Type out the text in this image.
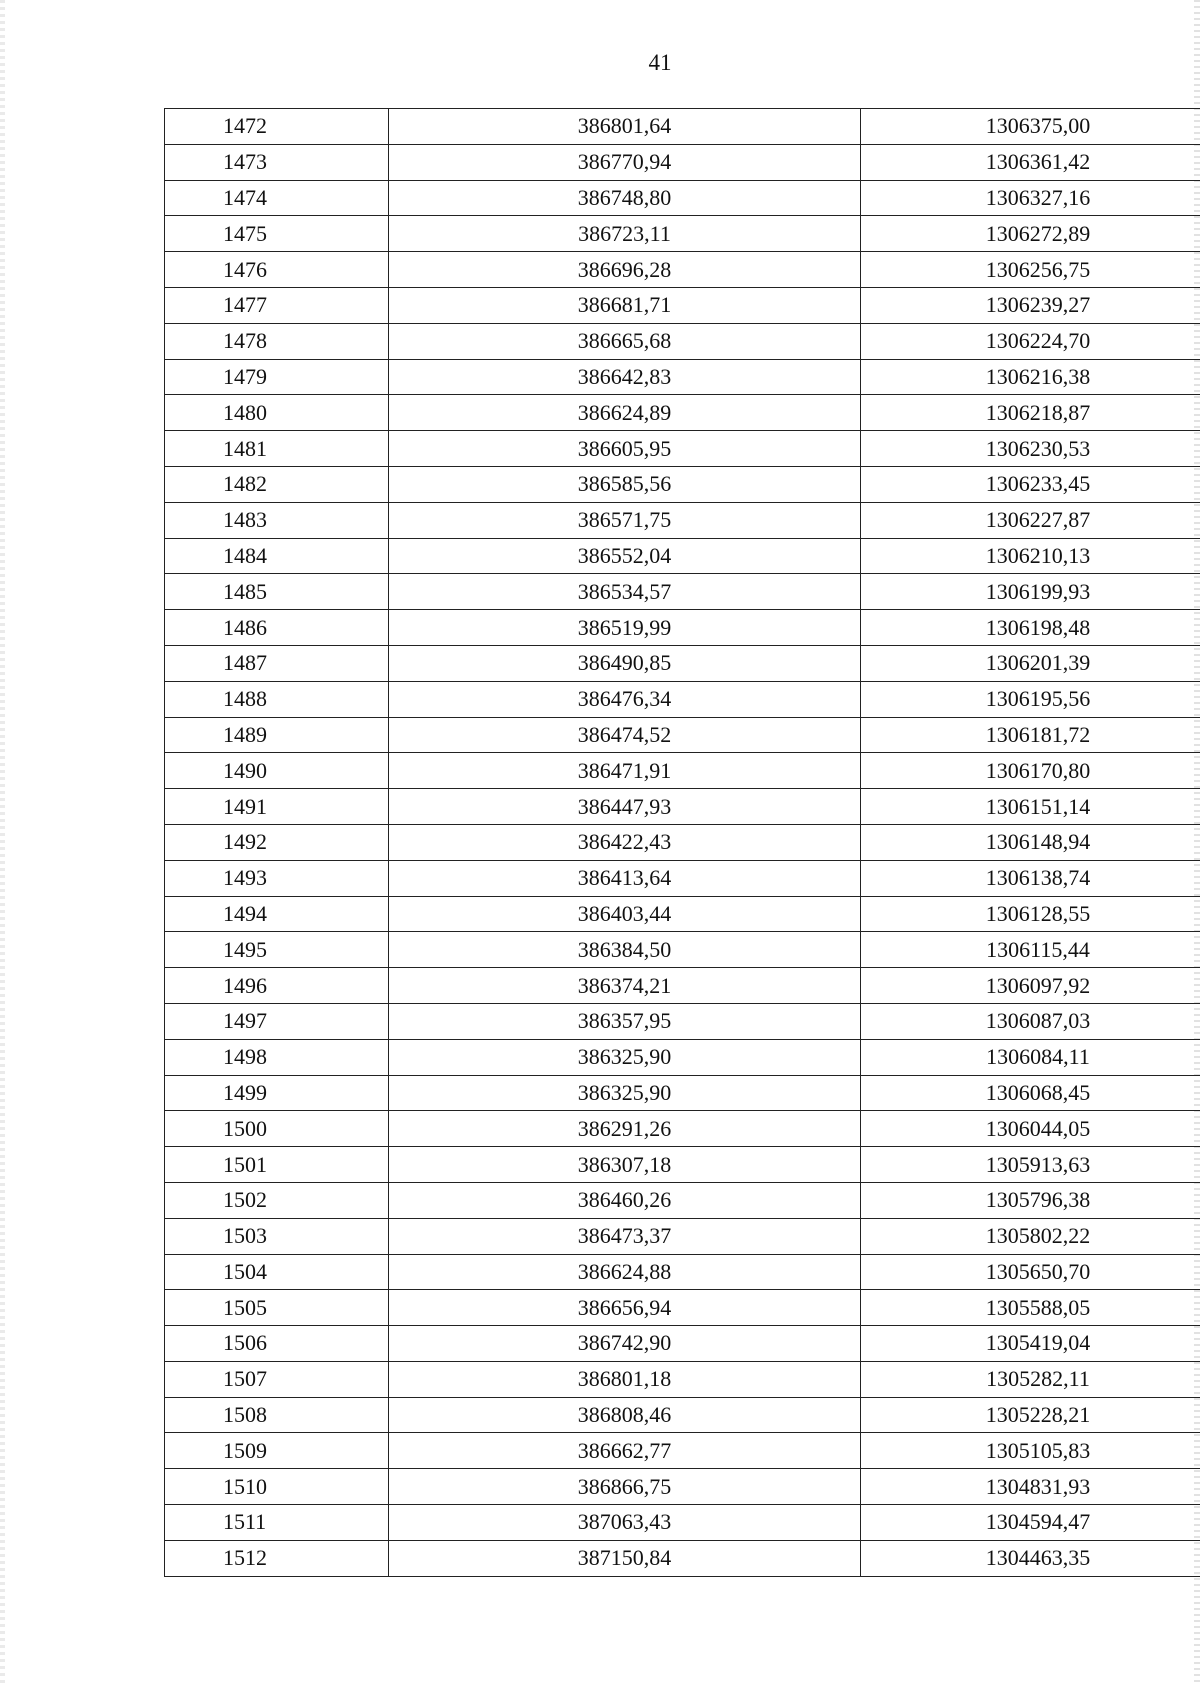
41
1472	386801,64	1306375,00
1473	386770,94	1306361,42
1474	386748,80	1306327,16
1475	386723,11	1306272,89
1476	386696,28	1306256,75
1477	386681,71	1306239,27
1478	386665,68	1306224,70
1479	386642,83	1306216,38
1480	386624,89	1306218,87
1481	386605,95	1306230,53
1482	386585,56	1306233,45
1483	386571,75	1306227,87
1484	386552,04	1306210,13
1485	386534,57	1306199,93
1486	386519,99	1306198,48
1487	386490,85	1306201,39
1488	386476,34	1306195,56
1489	386474,52	1306181,72
1490	386471,91	1306170,80
1491	386447,93	1306151,14
1492	386422,43	1306148,94
1493	386413,64	1306138,74
1494	386403,44	1306128,55
1495	386384,50	1306115,44
1496	386374,21	1306097,92
1497	386357,95	1306087,03
1498	386325,90	1306084,11
1499	386325,90	1306068,45
1500	386291,26	1306044,05
1501	386307,18	1305913,63
1502	386460,26	1305796,38
1503	386473,37	1305802,22
1504	386624,88	1305650,70
1505	386656,94	1305588,05
1506	386742,90	1305419,04
1507	386801,18	1305282,11
1508	386808,46	1305228,21
1509	386662,77	1305105,83
1510	386866,75	1304831,93
1511	387063,43	1304594,47
1512	387150,84	1304463,35
